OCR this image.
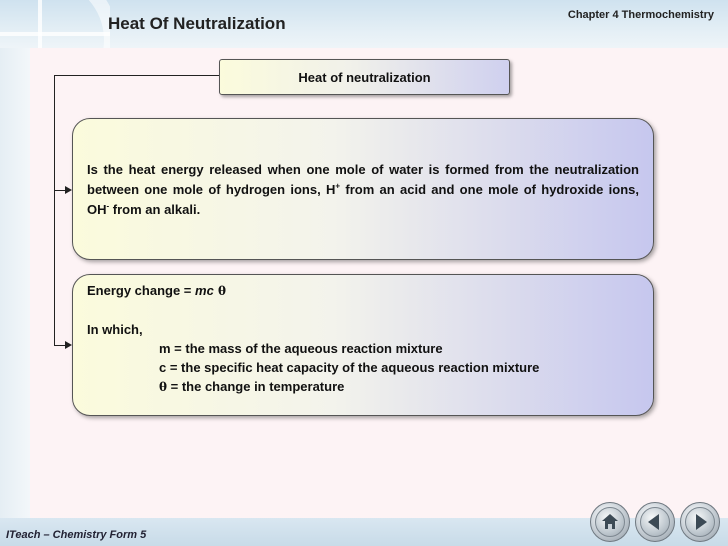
Heat Of Neutralization	Chapter 4 Thermochemistry
Heat of neutralization
Is the heat energy released when one mole of water is formed from the neutralization between one mole of hydrogen ions, H+ from an acid and one mole of hydroxide ions, OH- from an alkali.
Energy change = mc θ
In which,
m = the mass of the aqueous reaction mixture
c = the specific heat capacity of the aqueous reaction mixture
θ = the change in temperature
ITeach – Chemistry Form 5
